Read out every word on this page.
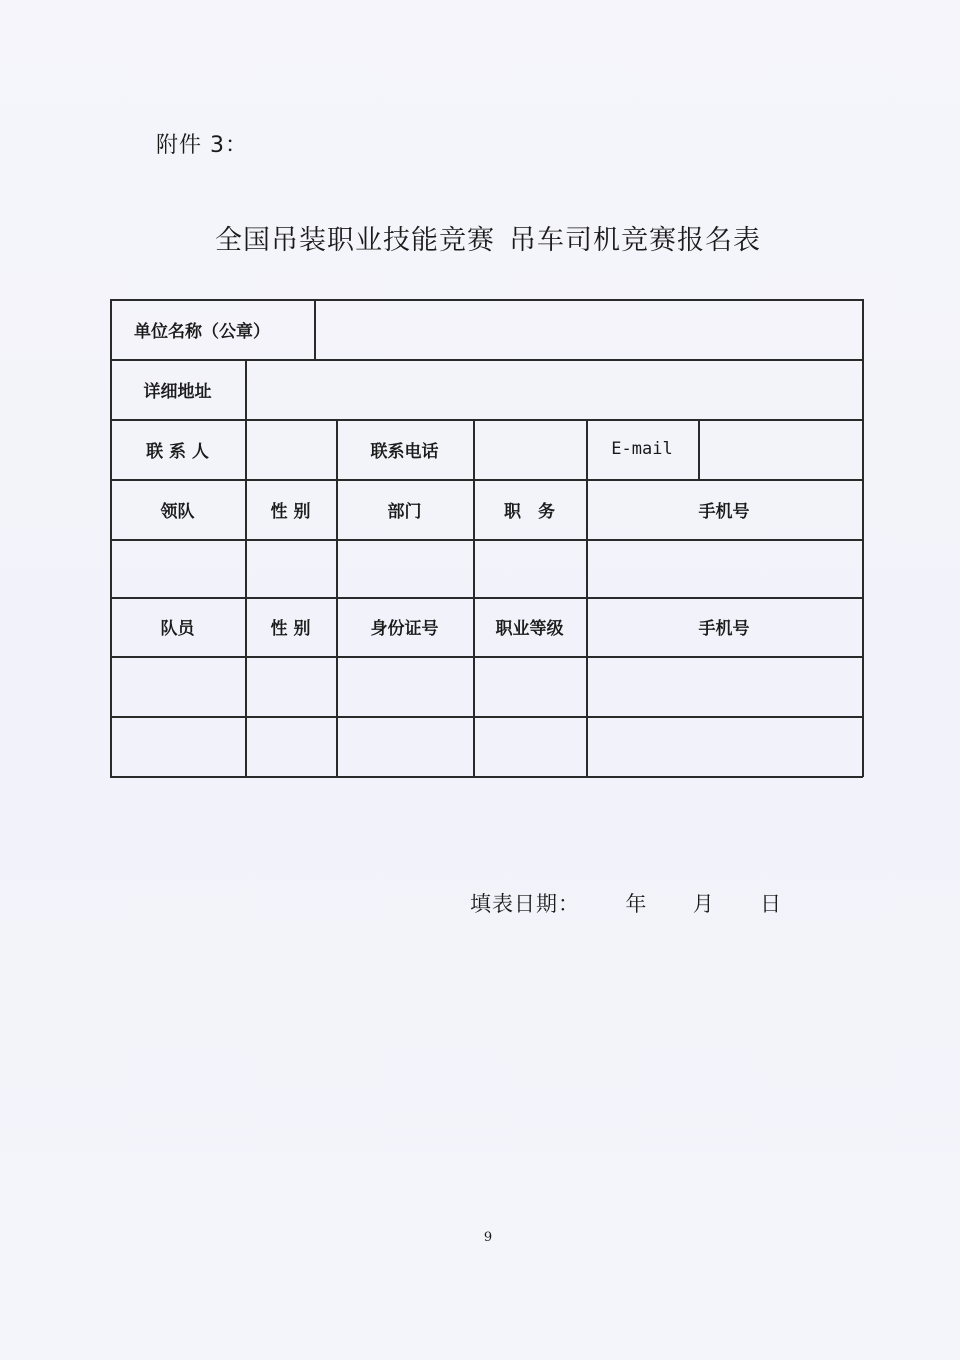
附件 3：
全国吊装职业技能竞赛 吊车司机竞赛报名表
单位名称（公章）
详细地址
联 系 人	联系电话	E-mail
领队	性 别	部门	职　务	手机号
队员	性 别	身份证号	职业等级	手机号
填表日期： 年 月 日
9
